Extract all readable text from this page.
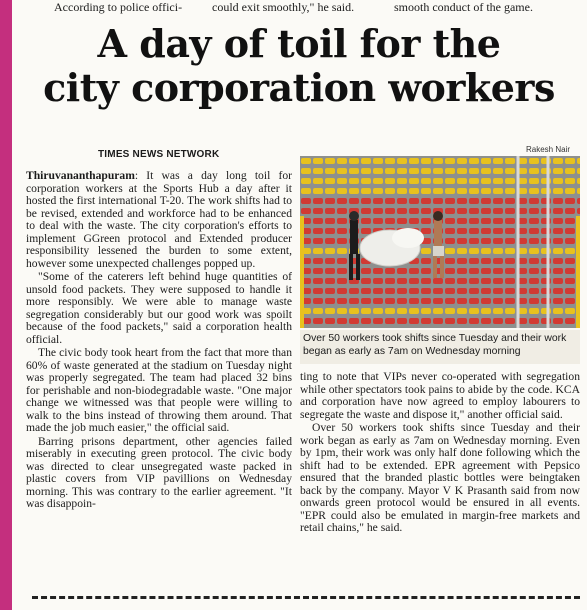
According to police offici- could exit smoothly," he said.	smooth conduct of the game.
A day of toil for the
city corporation workers
TIMES NEWS NETWORK	Rakesh Nair
Over 50 workers took shifts since Tuesday and their work began as early as 7am on Wednesday morning

Thiruvananthapuram: It was a day long toil for corporation workers at the Sports Hub a day after it hosted the first international T-20. The work shifts had to be revised, extended and workforce had to be enhanced to deal with the waste. The city corporation's efforts to implement GGreen protocol and Extended producer responsibility lessened the burden to some extent, however some unexpected challenges popped up.

"Some of the caterers left behind huge quantities of unsold food packets. They were supposed to handle it more responsibly. We were able to manage waste segregation considerably but our good work was spoilt because of the food packets," said a corporation health official.

The civic body took heart from the fact that more than 60% of waste generated at the stadium on Tuesday night was properly segregated. The team had placed 32 bins for perishable and non-biodegradable waste. "One major change we witnessed was that people were willing to walk to the bins instead of throwing them around. That made the job much easier," the official said.

Barring prisons department, other agencies failed miserably in executing green protocol. The civic body was directed to clear unsegregated waste packed in plastic covers from VIP pavillions on Wednesday morning. This was contrary to the earlier agreement. "It was disappoin-

ting to note that VIPs never co-operated with segregation while other spectators took pains to abide by the code. KCA and corporation have now agreed to employ labourers to segregate the waste and dispose it," another official said.

Over 50 workers took shifts since Tuesday and their work began as early as 7am on Wednesday morning. Even by 1pm, their work was only half done following which the shift had to be extended. EPR agreement with Pepsico ensured that the branded plastic bottles were beingtaken back by the company. Mayor V K Prasanth said from now onwards green protocol would be ensured in all events. "EPR could also be emulated in margin-free markets and retail chains," he said.
